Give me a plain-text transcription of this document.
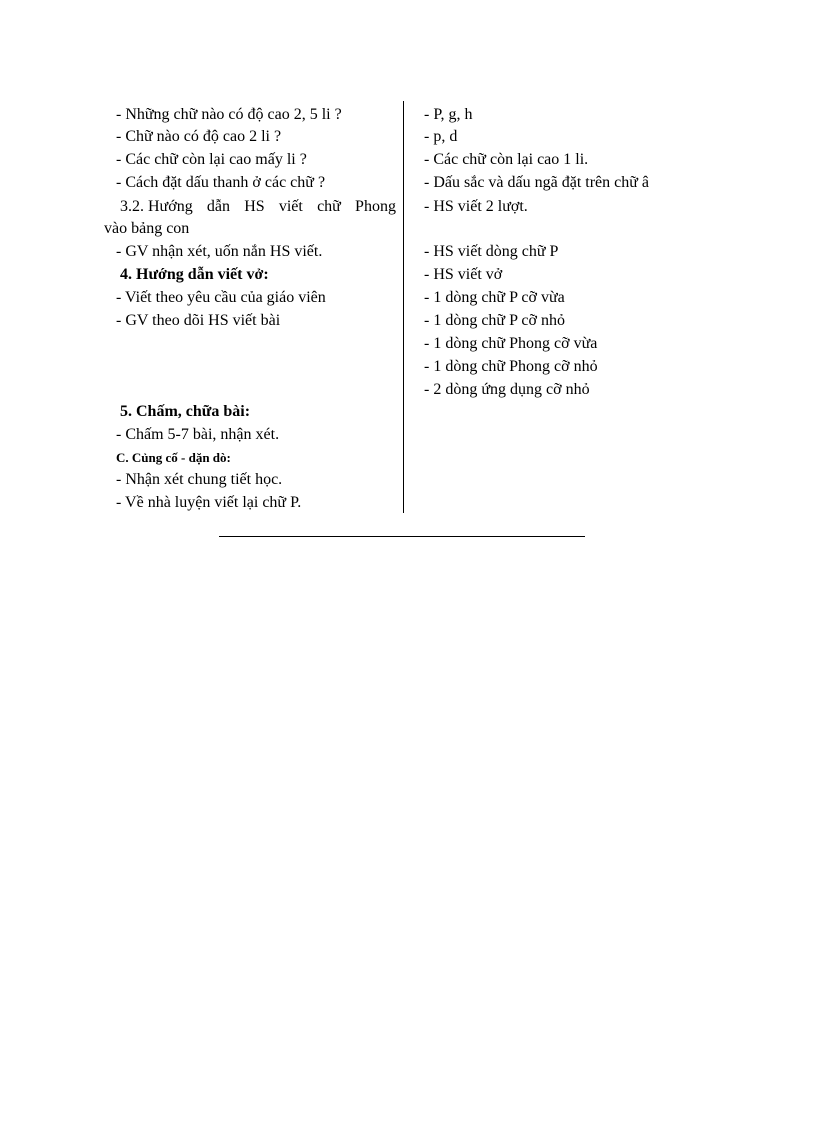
- Những chữ nào có độ cao 2, 5 li ?
- Chữ nào có độ cao 2 li ?
- Các chữ còn lại cao mấy li ?
- Cách đặt dấu thanh ở các chữ ?
3.2. Hướng dẫn HS viết chữ Phong
vào bảng con
- GV nhận xét, uốn nắn HS viết.
4. Hướng dẫn viết vở:
- Viết theo yêu cầu của giáo viên
- GV theo dõi HS viết bài
5. Chấm, chữa bài:
- Chấm 5-7 bài, nhận xét.
C. Củng cố - dặn dò:
- Nhận xét chung tiết học.
- Về nhà luyện viết lại chữ P.
- P, g, h
- p, d
- Các chữ còn lại cao 1 li.
- Dấu sắc và dấu ngã đặt trên chữ â
- HS viết 2 lượt.
- HS viết dòng chữ P
- HS viết vở
- 1 dòng chữ P cỡ vừa
- 1 dòng chữ P cỡ nhỏ
- 1 dòng chữ Phong cỡ vừa
- 1 dòng chữ Phong cỡ nhỏ
- 2 dòng ứng dụng cỡ nhỏ
